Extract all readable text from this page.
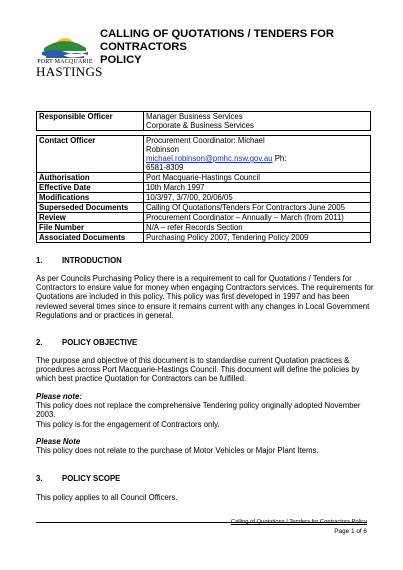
PORT MACQUARIE
HASTINGS
CALLING OF QUOTATIONS / TENDERS FOR
CONTRACTORS
POLICY
Responsible Officer	Manager Business Services
Corporate & Business Services

Contact Officer	Procurement Coordinator: Michael
Robinson
michael.robinson@pmhc.nsw.gov.au Ph:
6581-8309

Authorisation	Port Macquarie-Hastings Council
Effective Date	10th March 1997
Modifications	10/3/97, 3/7/00, 20/06/05
Superseded Documents	Calling Of Quotations/Tenders For Contractors June 2005
Review	Procurement Coordinator – Annually – March (from 2011)
File Number	N/A – refer Records Section
Associated Documents	Purchasing Policy 2007, Tendering Policy 2009
1. INTRODUCTION
As per Councils Purchasing Policy there is a requirement to call for Quotations / Tenders for Contractors to ensure value for money when engaging Contractors services. The requirements for Quotations are included in this policy. This policy was first developed in 1997 and has been reviewed several times since to ensure it remains current with any changes in Local Government Regulations and or practices in general.
2. POLICY OBJECTIVE
The purpose and objective of this document is to standardise current Quotation practices & procedures across Port Macquarie-Hastings Council. This document will define the policies by which best practice Quotation for Contractors can be fulfilled.
Please note:
This policy does not replace the comprehensive Tendering policy originally adopted November 2003.
This policy is for the engagement of Contractors only.
Please Note
This policy does not relate to the purchase of Motor Vehicles or Major Plant Items.
3. POLICY SCOPE
This policy applies to all Council Officers.
Calling of Quotations / Tenders for Contractors Policy
Page 1 of 6
